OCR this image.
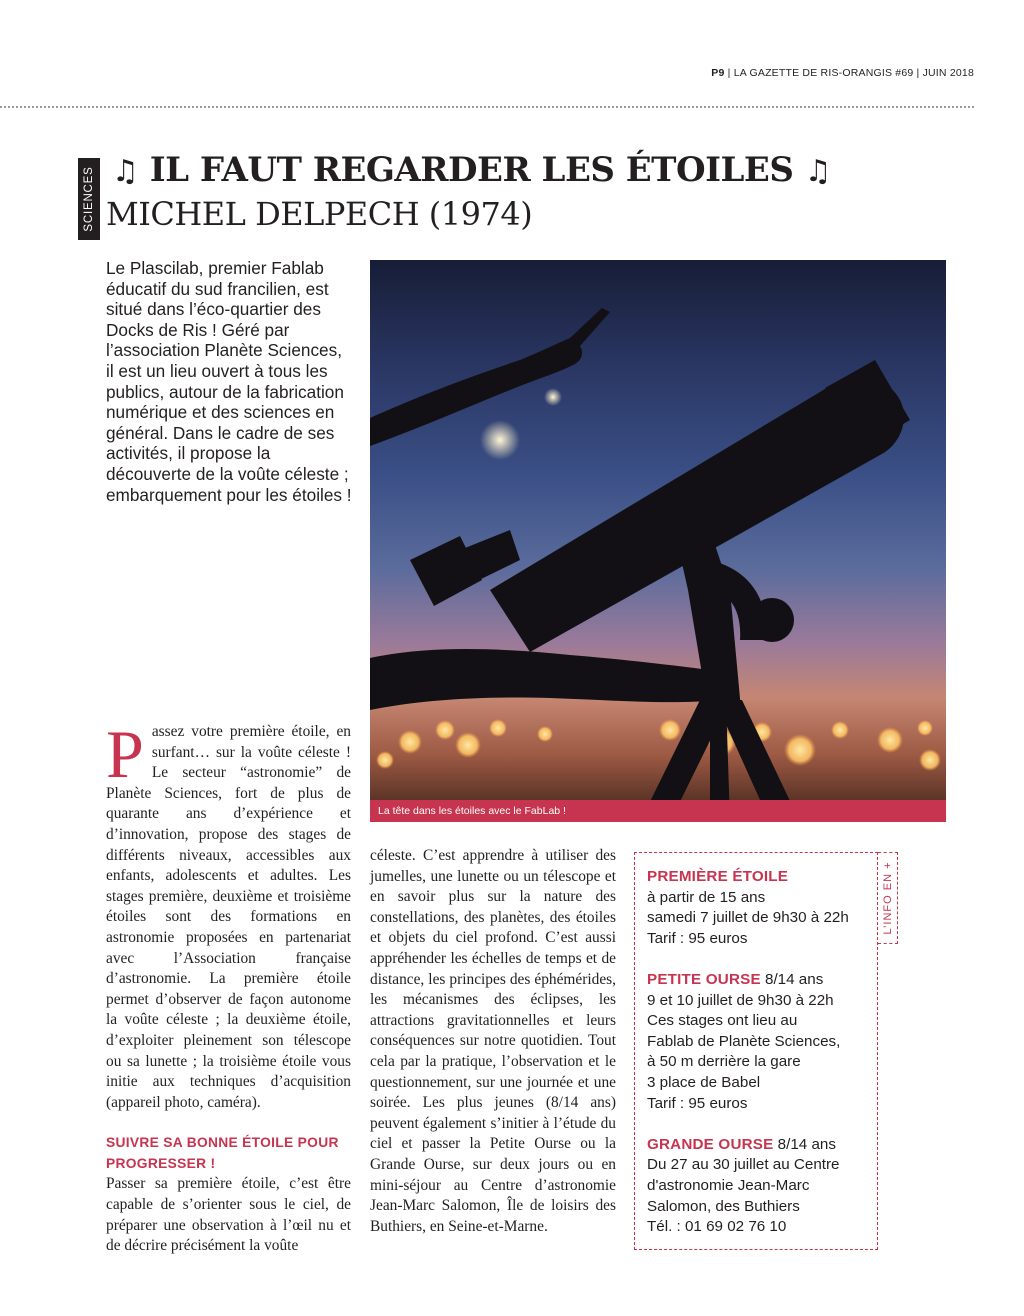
P9 | LA GAZETTE DE RIS-ORANGIS #69 | JUIN 2018
SCIENCES ♫ IL FAUT REGARDER LES ÉTOILES ♫
MICHEL DELPECH (1974)
Le Plascilab, premier Fablab éducatif du sud francilien, est situé dans l’éco-quartier des Docks de Ris ! Géré par l’association Planète Sciences, il est un lieu ouvert à tous les publics, autour de la fabrication numérique et des sciences en général. Dans le cadre de ses activités, il propose la découverte de la voûte céleste ; embarquement pour les étoiles !
La tête dans les étoiles avec le FabLab !
P assez votre première étoile, en surfant… sur la voûte céleste ! Le secteur “astronomie” de Planète Sciences, fort de plus de quarante ans d’expérience et d’innovation, propose des stages de différents niveaux, accessibles aux enfants, adolescents et adultes. Les stages première, deuxième et troisième étoiles sont des formations en astronomie proposées en partenariat avec l’Association française d’astronomie. La première étoile permet d’observer de façon autonome la voûte céleste ; la deuxième étoile, d’exploiter pleinement son télescope ou sa lunette ; la troisième étoile vous initie aux techniques d’acquisition (appareil photo, caméra).
SUIVRE SA BONNE ÉTOILE POUR PROGRESSER !
Passer sa première étoile, c’est être capable de s’orienter sous le ciel, de préparer une observation à l’œil nu et de décrire précisément la voûte
céleste. C’est apprendre à utiliser des jumelles, une lunette ou un télescope et en savoir plus sur la nature des constellations, des planètes, des étoiles et objets du ciel profond. C’est aussi appréhender les échelles de temps et de distance, les principes des éphémérides, les mécanismes des éclipses, les attractions gravitationnelles et leurs conséquences sur notre quotidien. Tout cela par la pratique, l’observation et le questionnement, sur une journée et une soirée. Les plus jeunes (8/14 ans) peuvent également s’initier à l’étude du ciel et passer la Petite Ourse ou la Grande Ourse, sur deux jours ou en mini-séjour au Centre d’astronomie Jean-Marc Salomon, Île de loisirs des Buthiers, en Seine-et-Marne.
L’INFO EN +
PREMIÈRE ÉTOILE
à partir de 15 ans
samedi 7 juillet de 9h30 à 22h
Tarif : 95 euros
PETITE OURSE 8/14 ans
9 et 10 juillet de 9h30 à 22h
Ces stages ont lieu au
Fablab de Planète Sciences,
à 50 m derrière la gare
3 place de Babel
Tarif : 95 euros
GRANDE OURSE 8/14 ans
Du 27 au 30 juillet au Centre
d'astronomie Jean-Marc
Salomon, des Buthiers
Tél. : 01 69 02 76 10
